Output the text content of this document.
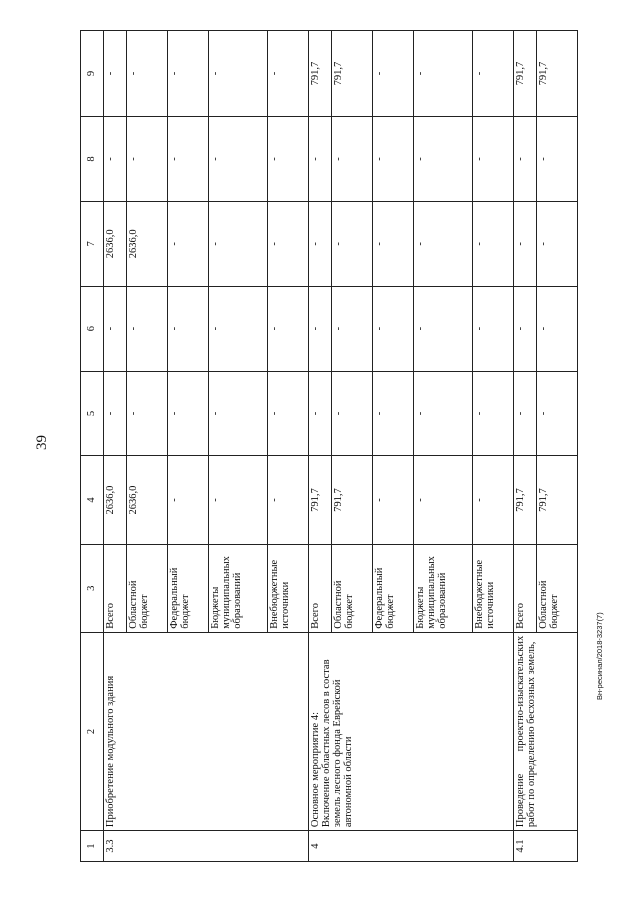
39
Вн-ресинал/2018-3237(7)
1	2	3	4	5	6	7	8	9
3.3	Приобретение модульного здания	Всего	2636,0	-	-	2636,0	-	-
		Областной бюджет	2636,0	-	-	2636,0	-	-
		Федеральный бюджет	-	-	-	-	-	-
		Бюджеты муниципальных образований	-	-	-	-	-	-
		Внебюджетные источники	-	-	-	-	-	-
4	Основное мероприятие 4: Включение областных лесов в состав земель лесного фонда Еврейской автономной области	Всего	791,7	-	-	-	-	791,7
		Областной бюджет	791,7	-	-	-	-	791,7
		Федеральный бюджет	-	-	-	-	-	-
		Бюджеты муниципальных образований	-	-	-	-	-	-
		Внебюджетные источники	-	-	-	-	-	-
4.1	Проведение проектно-изыскательских работ по определению бесхозных земель,	Всего	791,7	-	-	-	-	791,7
		Областной бюджет	791,7	-	-	-	-	791,7
